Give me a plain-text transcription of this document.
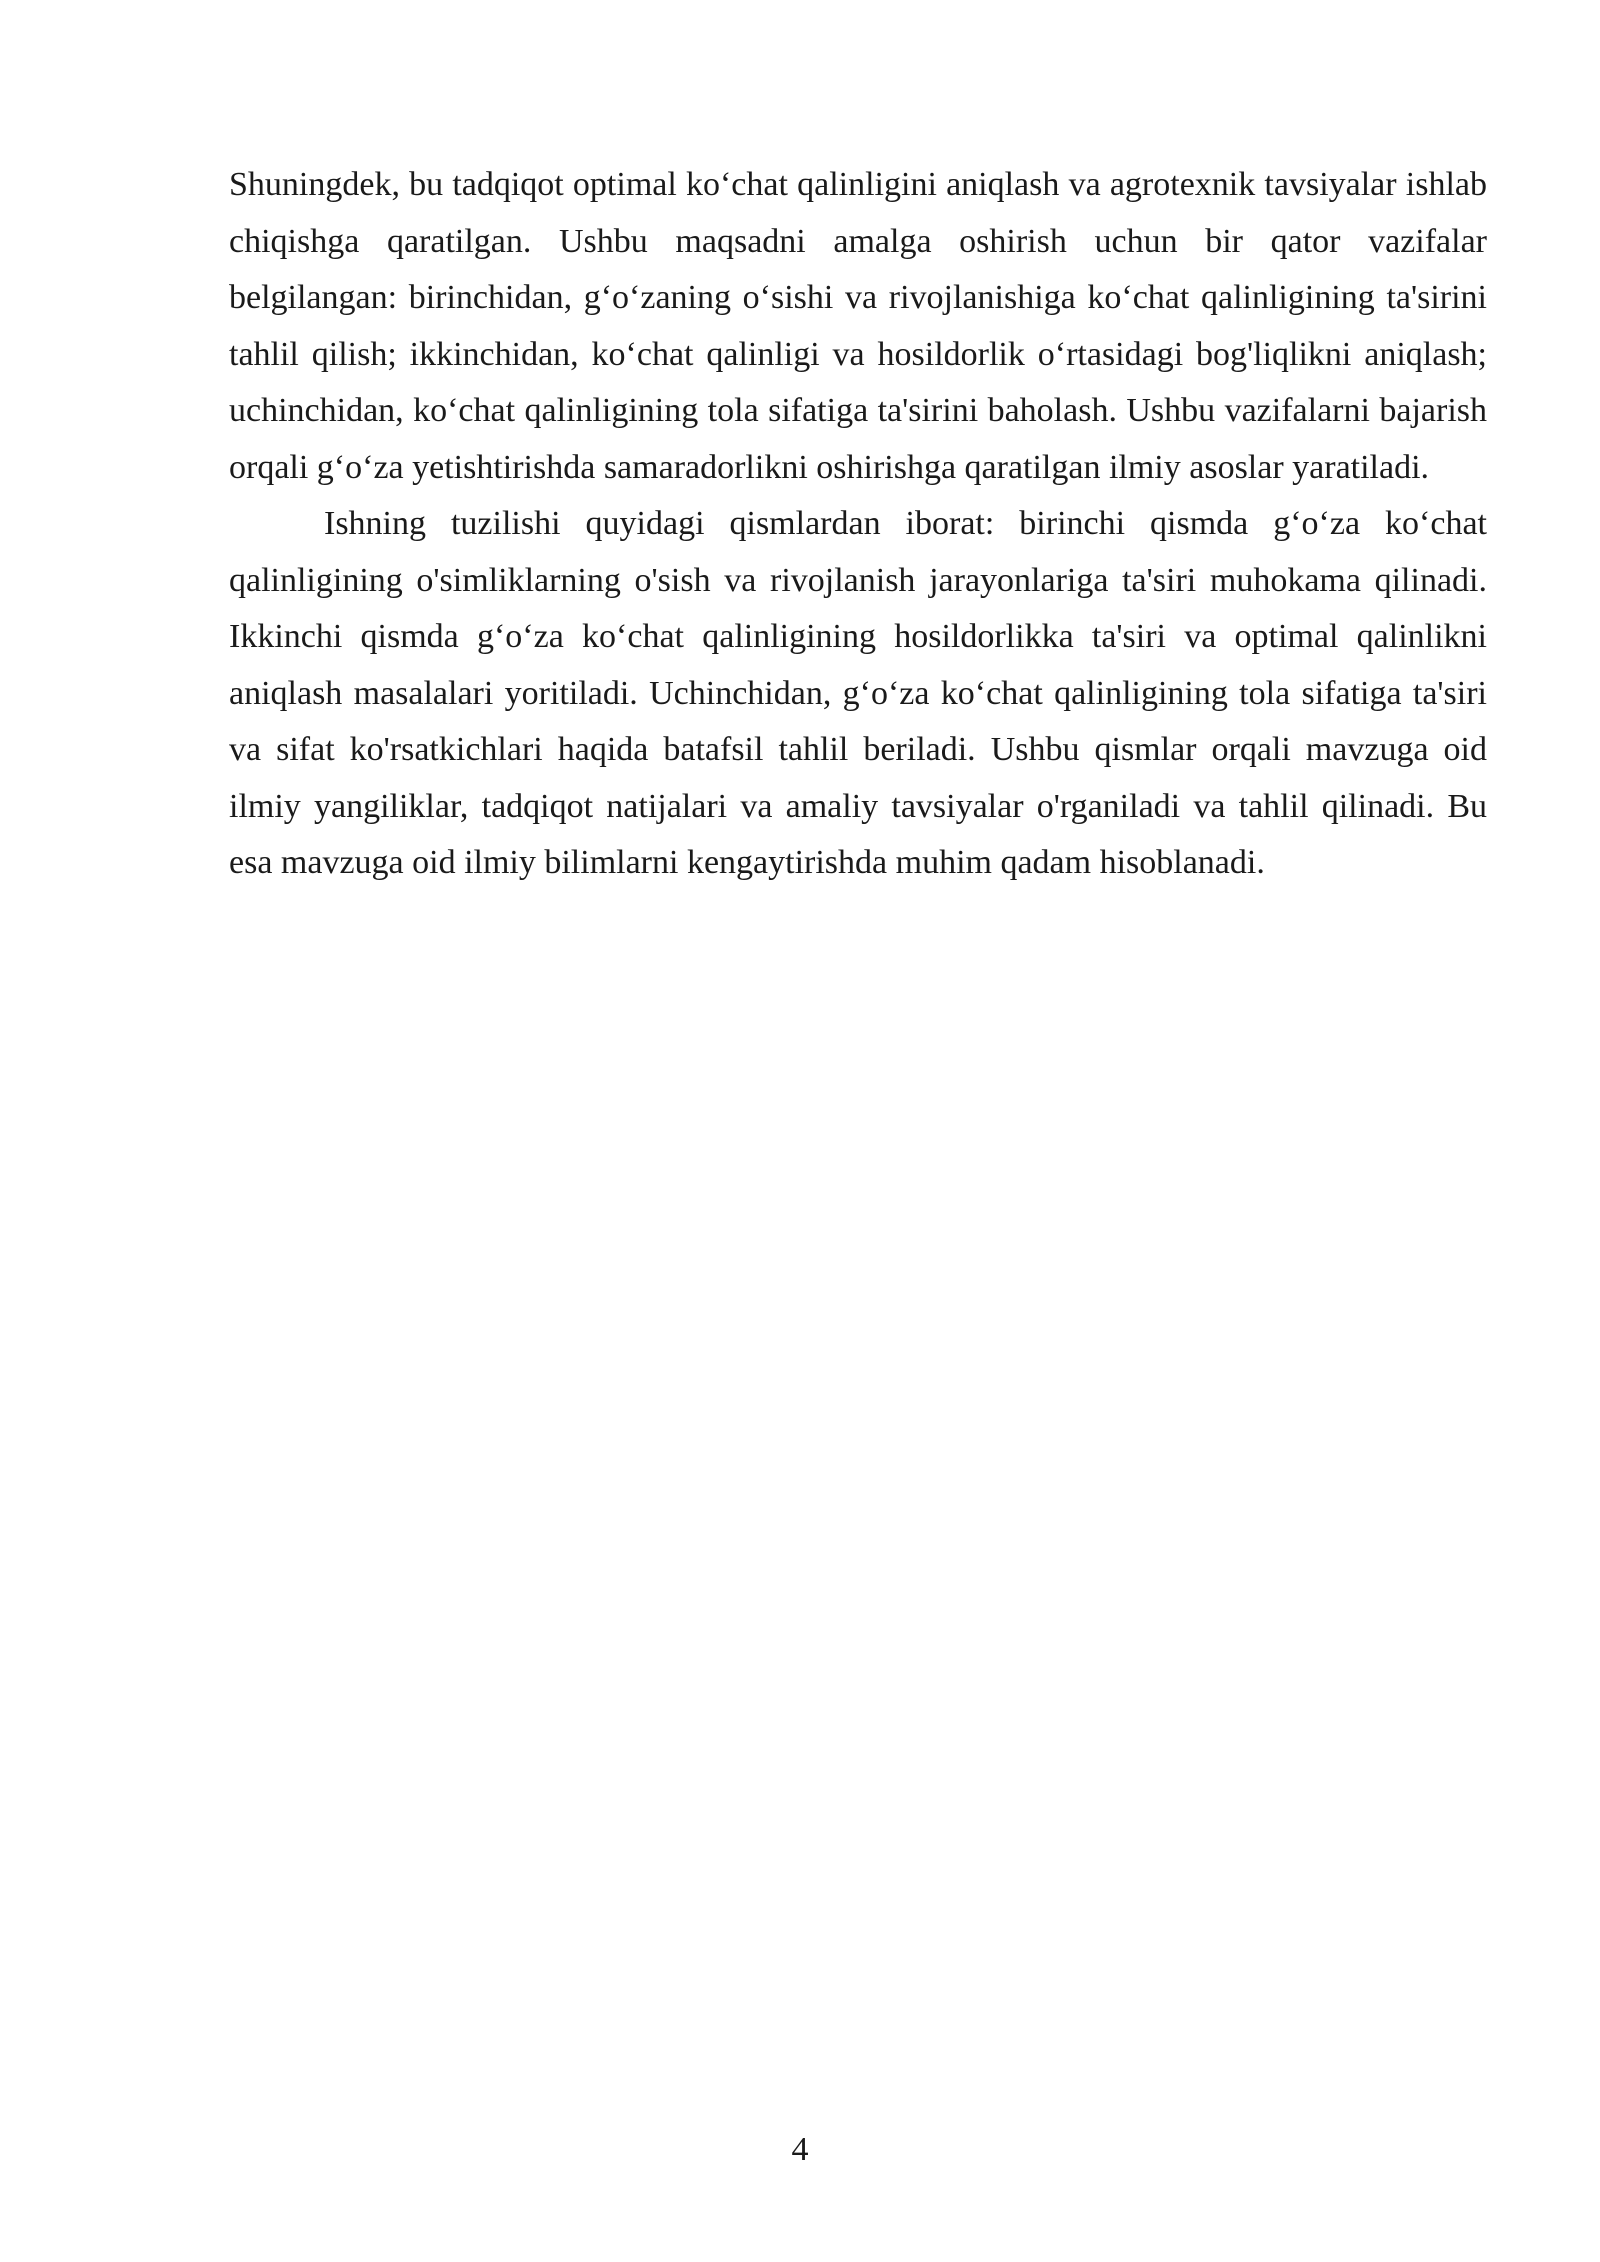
Shuningdek, bu tadqiqot optimal ko‘chat qalinligini aniqlash va agrotexnik tavsiyalar ishlab chiqishga qaratilgan. Ushbu maqsadni amalga oshirish uchun bir qator vazifalar belgilangan: birinchidan, g‘o‘zaning o‘sishi va rivojlanishiga ko‘chat qalinligining ta'sirini tahlil qilish; ikkinchidan, ko‘chat qalinligi va hosildorlik o‘rtasidagi bog'liqlikni aniqlash; uchinchidan, ko‘chat qalinligining tola sifatiga ta'sirini baholash. Ushbu vazifalarni bajarish orqali g‘o‘za yetishtirishda samaradorlikni oshirishga qaratilgan ilmiy asoslar yaratiladi.

Ishning tuzilishi quyidagi qismlardan iborat: birinchi qismda g‘o‘za ko‘chat qalinligining o'simliklarning o'sish va rivojlanish jarayonlariga ta'siri muhokama qilinadi. Ikkinchi qismda g‘o‘za ko‘chat qalinligining hosildorlikka ta'siri va optimal qalinlikni aniqlash masalalari yoritiladi. Uchinchidan, g‘o‘za ko‘chat qalinligining tola sifatiga ta'siri va sifat ko'rsatkichlari haqida batafsil tahlil beriladi. Ushbu qismlar orqali mavzuga oid ilmiy yangiliklar, tadqiqot natijalari va amaliy tavsiyalar o'rganiladi va tahlil qilinadi. Bu esa mavzuga oid ilmiy bilimlarni kengaytirishda muhim qadam hisoblanadi.

4
